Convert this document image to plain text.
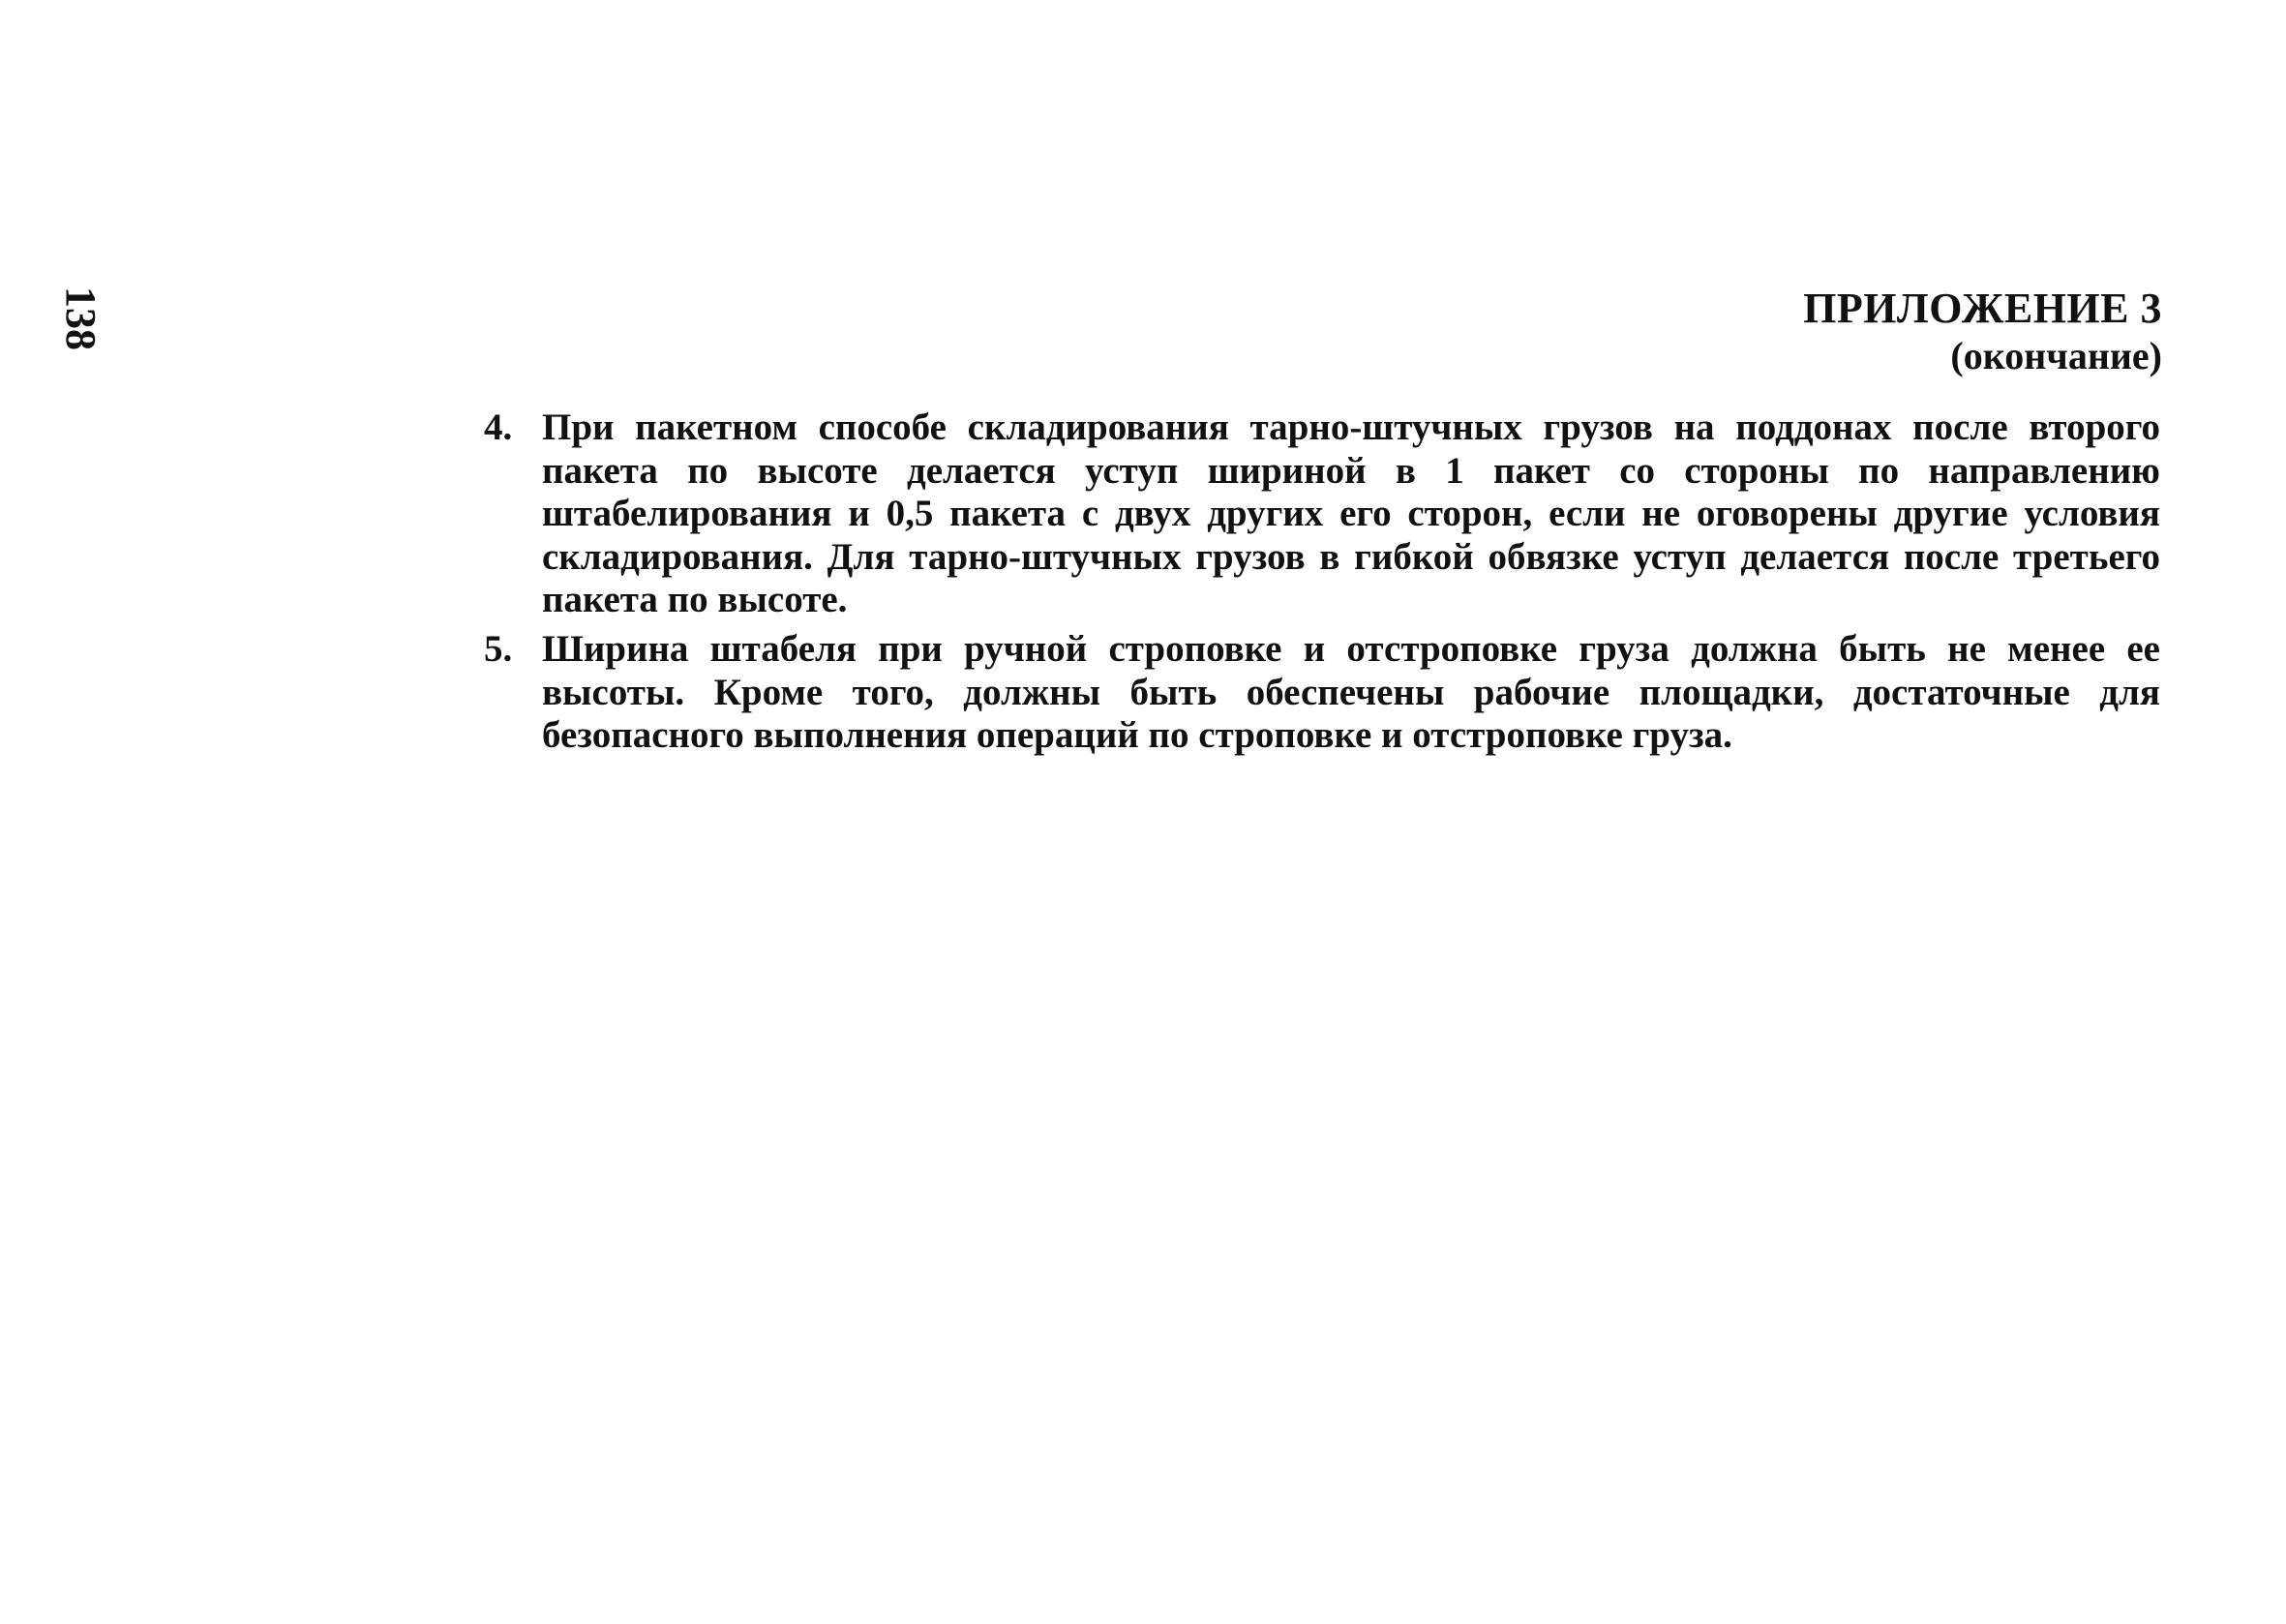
138	ПРИЛОЖЕНИЕ 3
(окончание)
4. При пакетном способе складирования тарно-штучных грузов на поддонах после второго пакета по высоте делается уступ шириной в 1 пакет со стороны по направлению штабелирования и 0,5 пакета с двух других его сторон, если не оговорены другие условия складирования. Для тарно-штучных грузов в гибкой обвязке уступ делается после третьего пакета по высоте.
5. Ширина штабеля при ручной строповке и отстроповке груза должна быть не менее ее высоты. Кроме того, должны быть обеспечены рабочие площадки, достаточные для безопасного выполнения операций по строповке и отстроповке груза.
